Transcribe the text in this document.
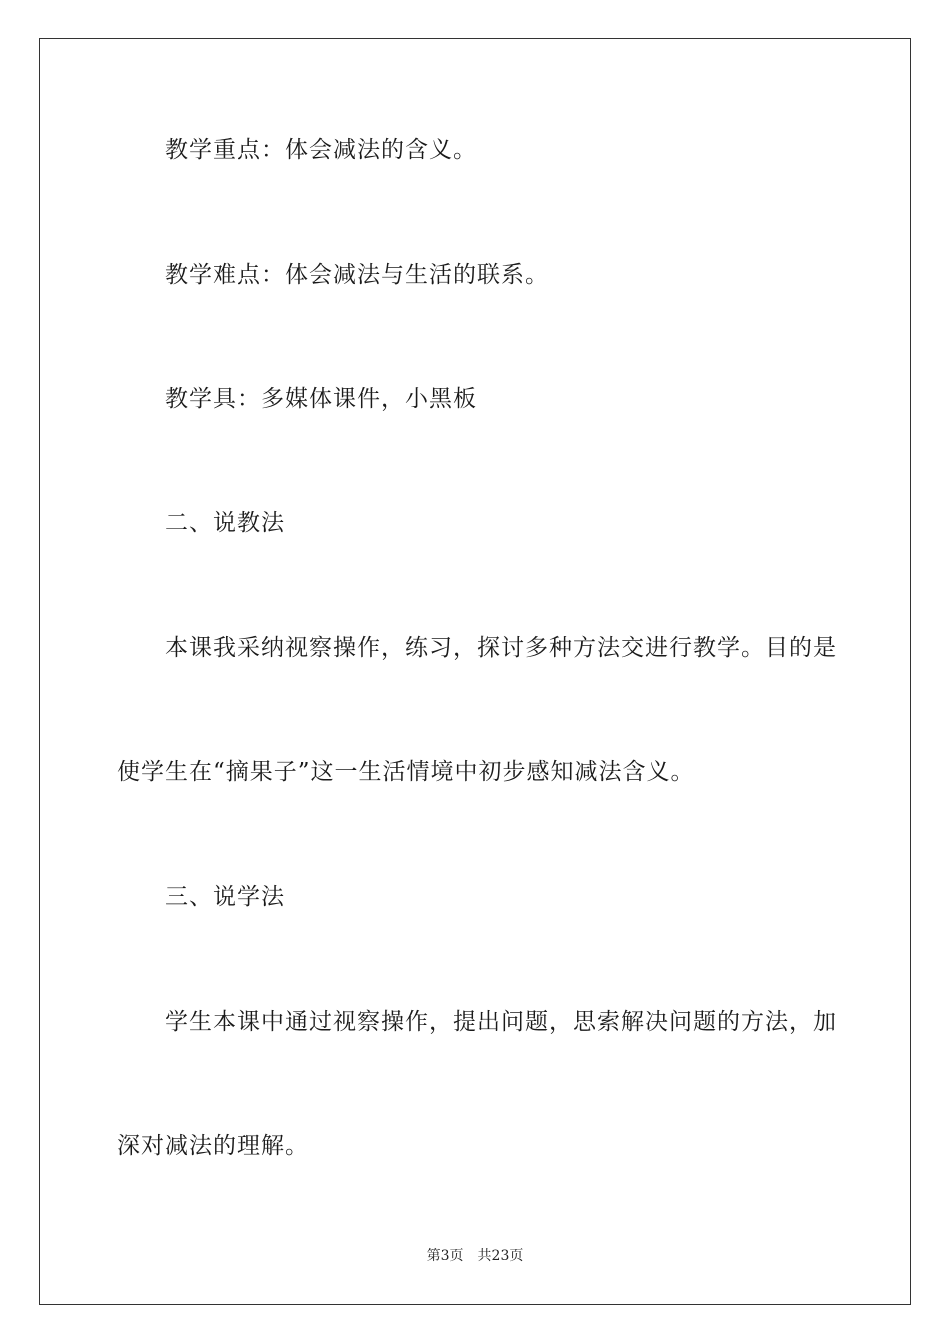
教学重点：体会减法的含义。
教学难点：体会减法与生活的联系。
教学具：多媒体课件，小黑板
二、说教法
本课我采纳视察操作，练习，探讨多种方法交进行教学。目的是
使学生在“摘果子”这一生活情境中初步感知减法含义。
三、说学法
学生本课中通过视察操作，提出问题，思索解决问题的方法，加
深对减法的理解。
第3页 共23页
